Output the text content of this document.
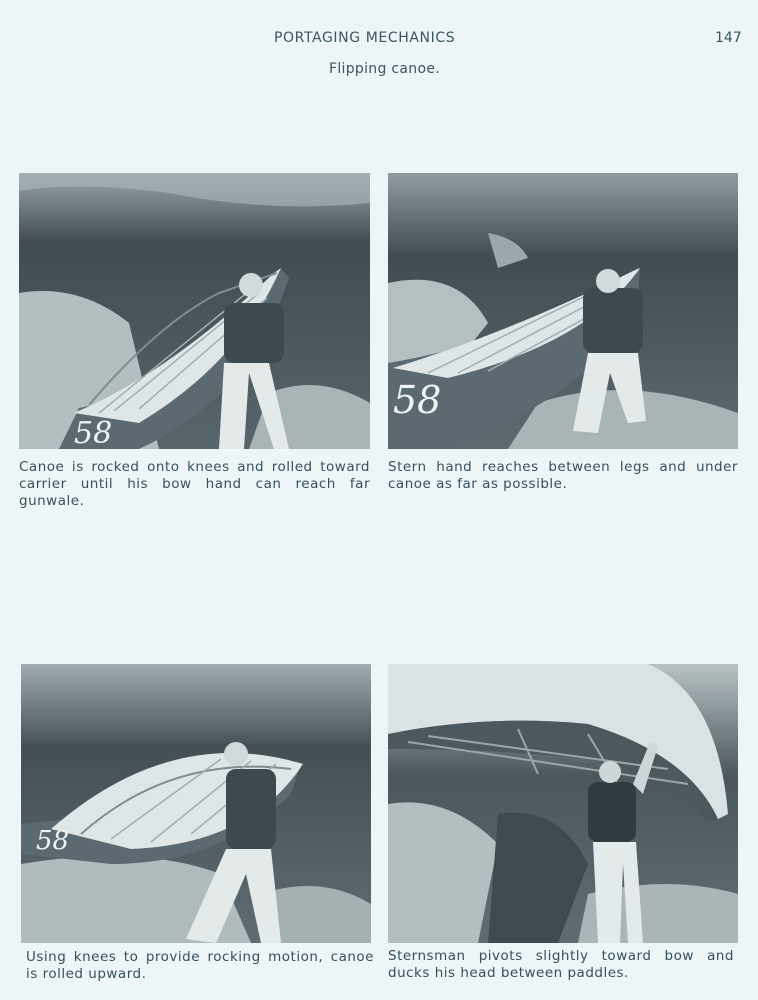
PORTAGING MECHANICS	147
Flipping canoe.
58
58
58
Canoe is rocked onto knees and rolled toward carrier until his bow hand can reach far gunwale.
Stern hand reaches between legs and under canoe as far as possible.
Using knees to provide rocking motion, canoe is rolled upward.
Sternsman pivots slightly toward bow and ducks his head between paddles.
